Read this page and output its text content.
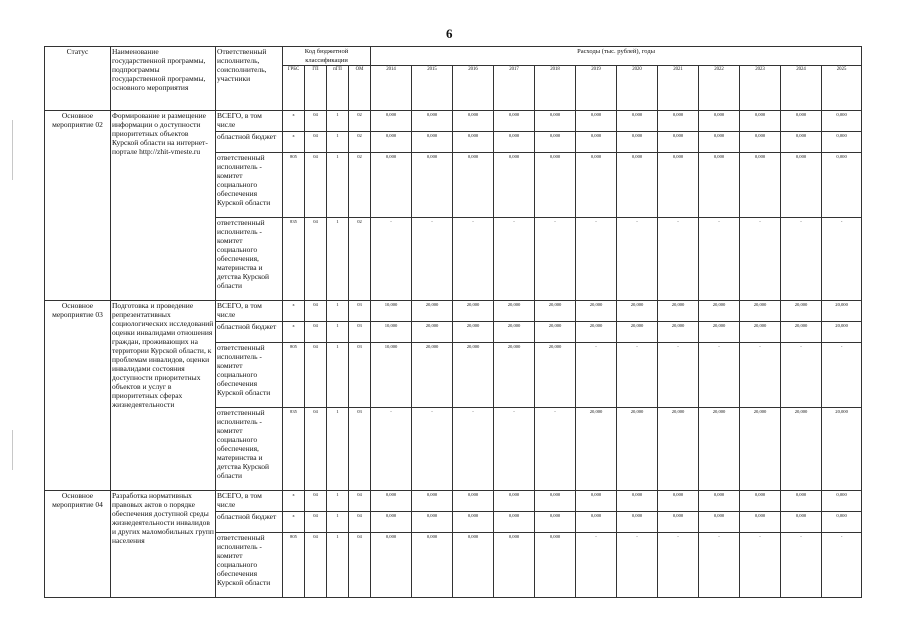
6
Статус	Наименование государственной программы, подпрограммы государственной программы, основного мероприятия	Ответственный исполнитель, соисполнитель, участники	Код бюджетной классификации				Расходы (тыс. рублей), годы											
			ГРБС	ГП	пГП	ОМ	2014	2015	2016	2017	2018	2019	2020	2021	2022	2023	2024	2025
Основное мероприятие 02	Формирование и размещение информации о доступности приоритетных объектов Курской области на интернет-портале http://zhit-vmeste.ru	ВСЕГО, в том числе	х	04	1	02	0,000	0,000	0,000	0,000	0,000	0,000	0,000	0,000	0,000	0,000	0,000	0,000
		областной бюджет	х	04	1	02	0,000	0,000	0,000	0,000	0,000	0,000	0,000	0,000	0,000	0,000	0,000	0,000
		ответственный исполнитель - комитет социального обеспечения Курской области	805	04	1	02	0,000	0,000	0,000	0,000	0,000	0,000	0,000	0,000	0,000	0,000	0,000	0,000
		ответственный исполнитель - комитет социального обеспечения, материнства и детства Курской области	835	04	1	02	-	-	-	-	-	-	-	-	-	-	-	-
Основное мероприятие 03	Подготовка и проведение репрезентативных социологических исследований оценки инвалидами отношения граждан, проживающих на территории Курской области, к проблемам инвалидов, оценки инвалидами состояния доступности приоритетных объектов и услуг в приоритетных сферах жизнедеятельности	ВСЕГО, в том числе	х	04	1	03	10,000	20,000	20,000	20,000	20,000	20,000	20,000	20,000	20,000	20,000	20,000	20,000
		областной бюджет	х	04	1	03	10,000	20,000	20,000	20,000	20,000	20,000	20,000	20,000	20,000	20,000	20,000	20,000
		ответственный исполнитель - комитет социального обеспечения Курской области	805	04	1	03	10,000	20,000	20,000	20,000	20,000	-	-	-	-	-	-	-
		ответственный исполнитель - комитет социального обеспечения, материнства и детства Курской области	835	04	1	03	-	-	-	-	-	20,000	20,000	20,000	20,000	20,000	20,000	20,000
Основное мероприятие 04	Разработка нормативных правовых актов о порядке обеспечения доступной среды жизнедеятельности инвалидов и других маломобильных групп населения	ВСЕГО, в том числе	х	04	1	04	0,000	0,000	0,000	0,000	0,000	0,000	0,000	0,000	0,000	0,000	0,000	0,000
		областной бюджет	х	04	1	04	0,000	0,000	0,000	0,000	0,000	0,000	0,000	0,000	0,000	0,000	0,000	0,000
		ответственный исполнитель - комитет социального обеспечения Курской области	805	04	1	04	0,000	0,000	0,000	0,000	0,000	-	-	-	-	-	-	-
